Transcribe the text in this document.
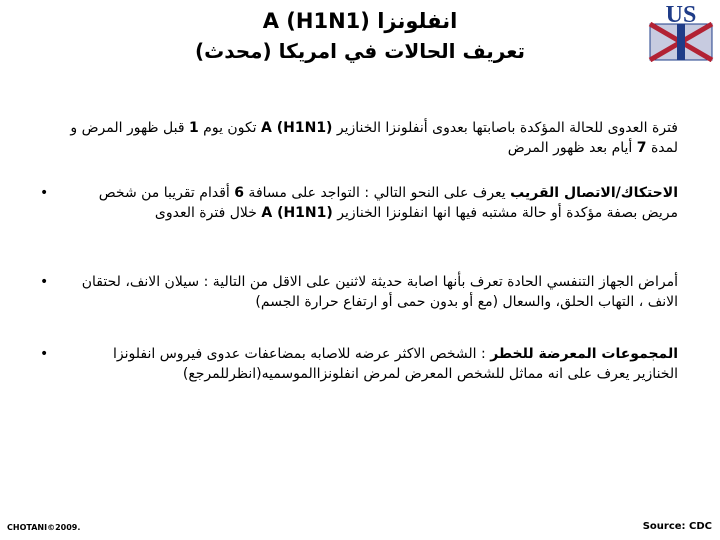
US
انفلونزا (H1N1) A
تعريف الحالات في امريكا (محدث)
فترة العدوى للحالة المؤكدة باصابتها بعدوى أنفلونزا الخنازير A (H1N1) تكون يوم 1 قبل ظهور المرض و لمدة 7 أيام بعد ظهور المرض
•	الاحتكاك/الاتصال القريب يعرف على النحو التالي : التواجد على مسافة 6 أقدام تقريبا من شخص مريض بصفة مؤكدة أو حالة مشتبه فيها انها انفلونزا الخنازير A (H1N1) خلال فترة العدوى
•	أمراض الجهاز التنفسي الحادة تعرف بأنها اصابة حديثة لاثنين على الاقل من التالية : سيلان الانف، لحتقان الانف ، التهاب الحلق، والسعال (مع أو بدون حمى أو ارتفاع حرارة الجسم)
•	المجموعات المعرضة للخطر : الشخص الاكثر عرضه للاصابه بمضاعفات عدوى فيروس انفلونزا الخنازير يعرف على انه مماثل للشخص المعرض لمرض انفلونزاالموسميه(انظرللمرجع)
CHOTANI©2009.	Source: CDC
